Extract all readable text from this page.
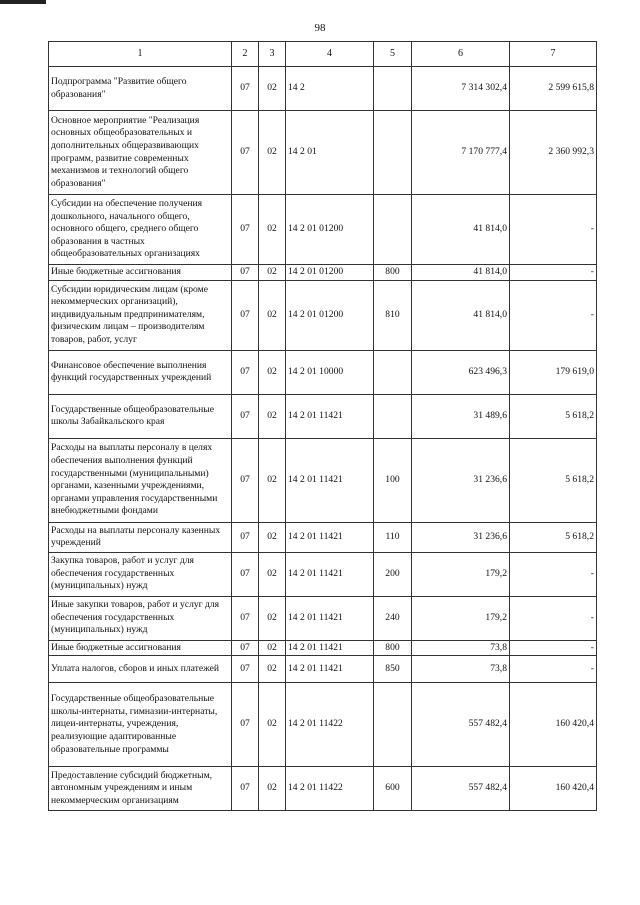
98
1	2	3	4	5	6	7
Подпрограмма "Развитие общего образования"	07	02	14 2		7 314 302,4	2 599 615,8
Основное мероприятие "Реализация основных общеобразовательных и дополнительных общеразвивающих программ, развитие современных механизмов и технологий общего образования"	07	02	14 2 01		7 170 777,4	2 360 992,3
Субсидии на обеспечение получения дошкольного, начального общего, основного общего, среднего общего образования в частных общеобразовательных организациях	07	02	14 2 01 01200		41 814,0	-
Иные бюджетные ассигнования	07	02	14 2 01 01200	800	41 814,0	-
Субсидии юридическим лицам (кроме некоммерческих организаций), индивидуальным предпринимателям, физическим лицам – производителям товаров, работ, услуг	07	02	14 2 01 01200	810	41 814,0	-
Финансовое обеспечение выполнения функций государственных учреждений	07	02	14 2 01 10000		623 496,3	179 619,0
Государственные общеобразовательные школы Забайкальского края	07	02	14 2 01 11421		31 489,6	5 618,2
Расходы на выплаты персоналу в целях обеспечения выполнения функций государственными (муниципальными) органами, казенными учреждениями, органами управления государственными внебюджетными фондами	07	02	14 2 01 11421	100	31 236,6	5 618,2
Расходы на выплаты персоналу казенных учреждений	07	02	14 2 01 11421	110	31 236,6	5 618,2
Закупка товаров, работ и услуг для обеспечения государственных (муниципальных) нужд	07	02	14 2 01 11421	200	179,2	-
Иные закупки товаров, работ и услуг для обеспечения государственных (муниципальных) нужд	07	02	14 2 01 11421	240	179,2	-
Иные бюджетные ассигнования	07	02	14 2 01 11421	800	73,8	-
Уплата налогов, сборов и иных платежей	07	02	14 2 01 11421	850	73,8	-
Государственные общеобразовательные школы-интернаты, гимназии-интернаты, лицеи-интернаты, учреждения, реализующие адаптированные образовательные программы	07	02	14 2 01 11422		557 482,4	160 420,4
Предоставление субсидий бюджетным, автономным учреждениям и иным некоммерческим организациям	07	02	14 2 01 11422	600	557 482,4	160 420,4
